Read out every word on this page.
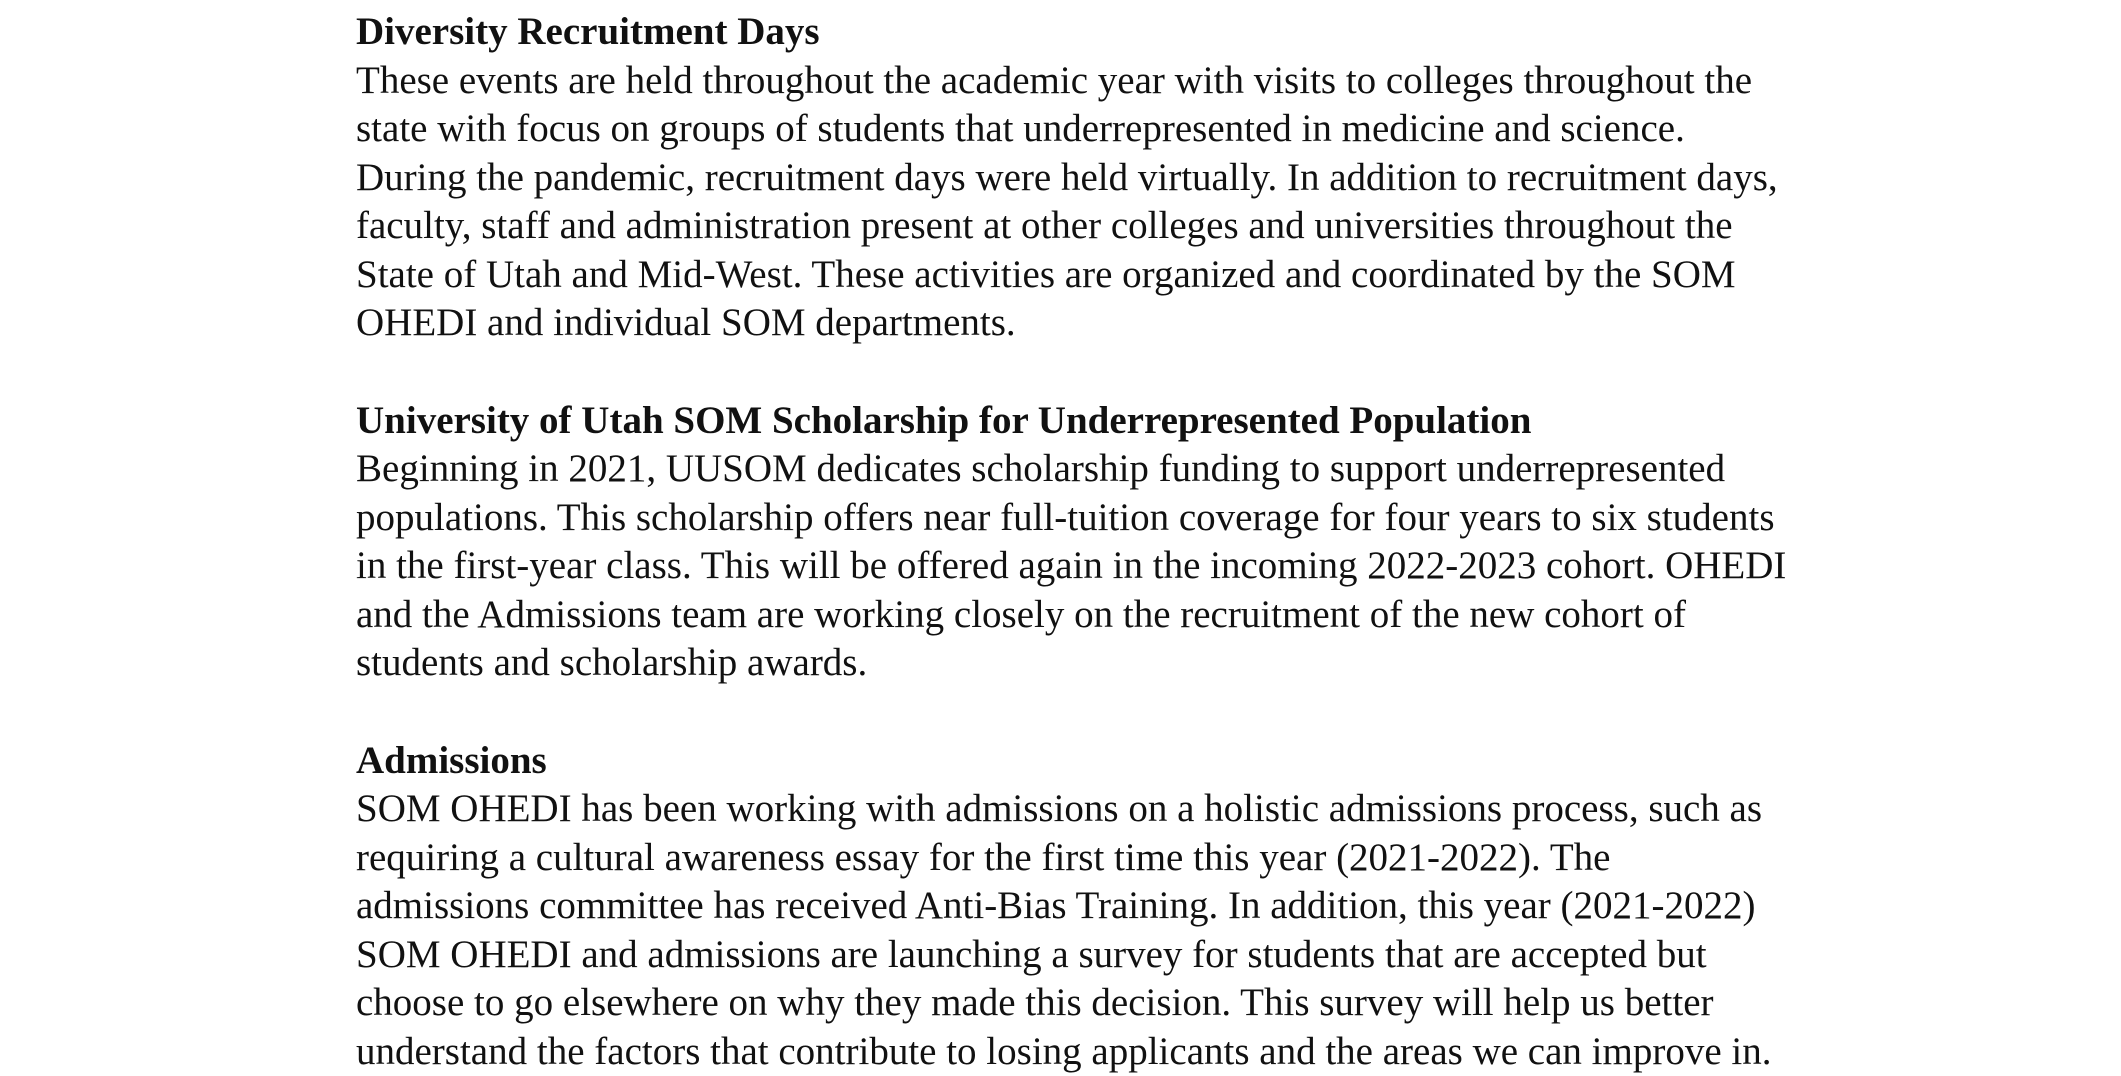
Diversity Recruitment Days
These events are held throughout the academic year with visits to colleges throughout the
state with focus on groups of students that underrepresented in medicine and science.
During the pandemic, recruitment days were held virtually. In addition to recruitment days,
faculty, staff and administration present at other colleges and universities throughout the
State of Utah and Mid-West. These activities are organized and coordinated by the SOM
OHEDI and individual SOM departments.
University of Utah SOM Scholarship for Underrepresented Population
Beginning in 2021, UUSOM dedicates scholarship funding to support underrepresented
populations. This scholarship offers near full-tuition coverage for four years to six students
in the first-year class. This will be offered again in the incoming 2022-2023 cohort. OHEDI
and the Admissions team are working closely on the recruitment of the new cohort of
students and scholarship awards.
Admissions
SOM OHEDI has been working with admissions on a holistic admissions process, such as
requiring a cultural awareness essay for the first time this year (2021-2022). The
admissions committee has received Anti-Bias Training. In addition, this year (2021-2022)
SOM OHEDI and admissions are launching a survey for students that are accepted but
choose to go elsewhere on why they made this decision. This survey will help us better
understand the factors that contribute to losing applicants and the areas we can improve in.
